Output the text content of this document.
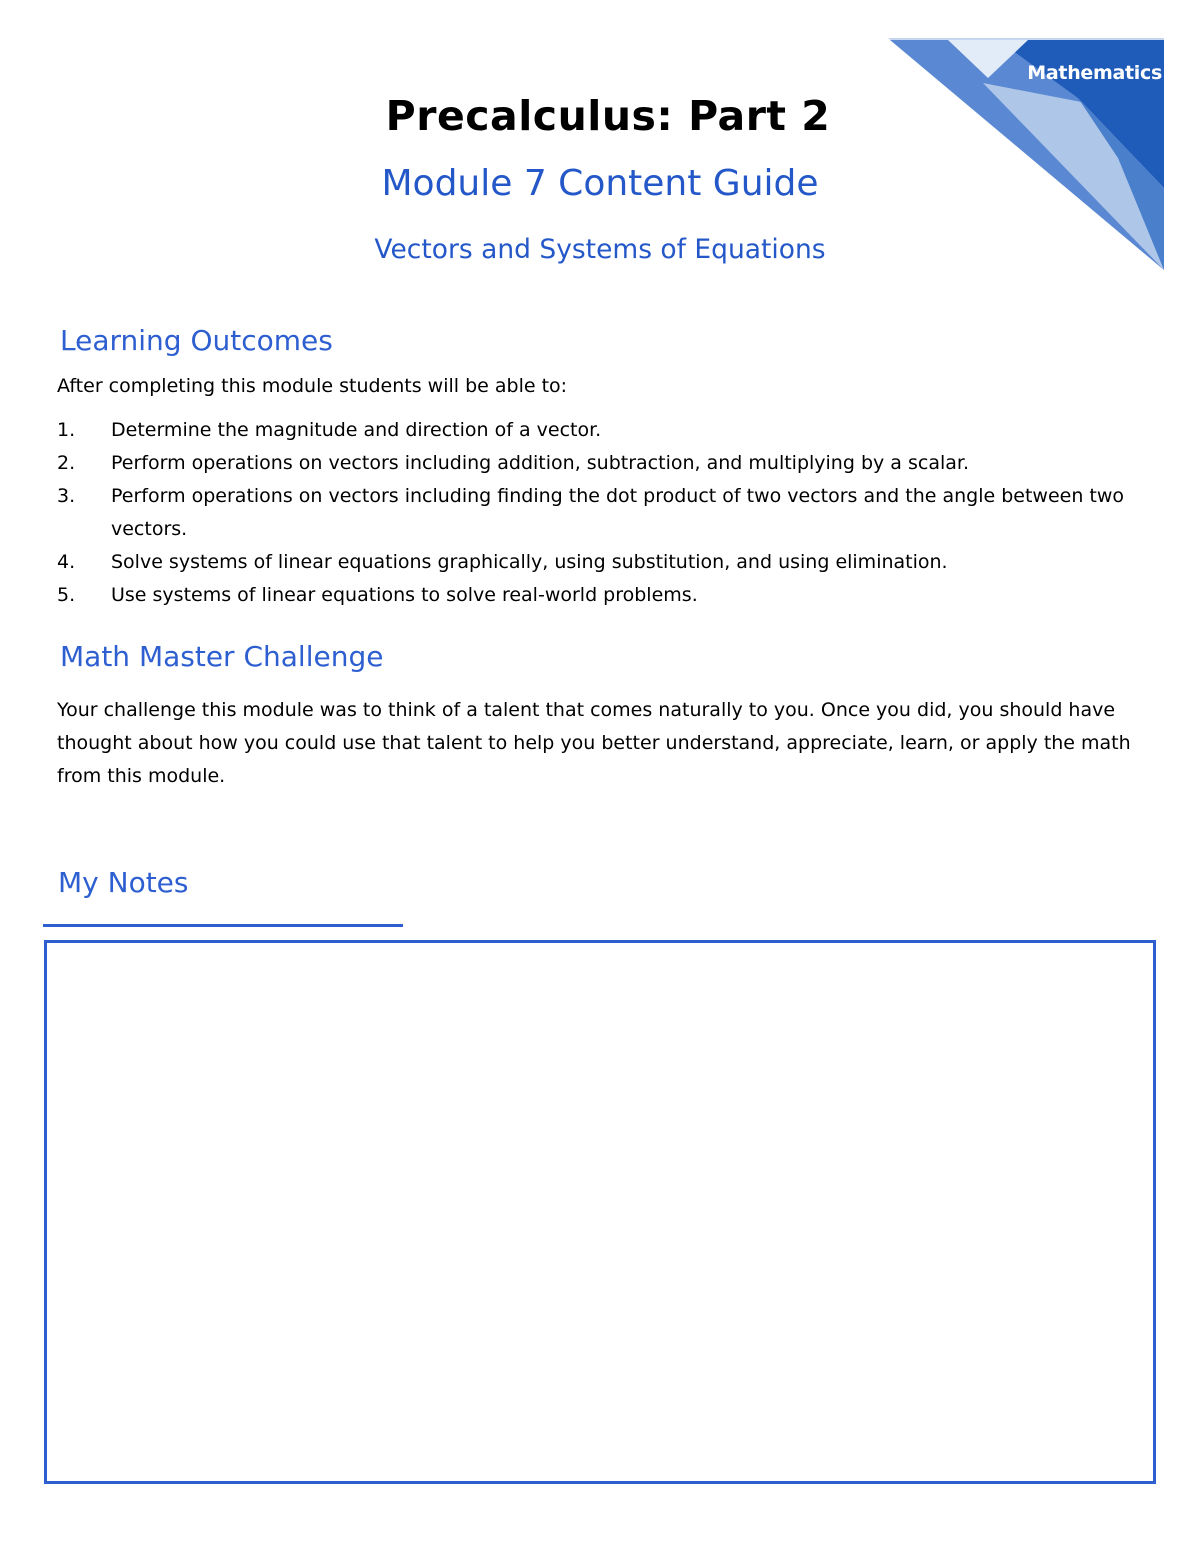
Mathematics
Precalculus: Part 2
Module 7 Content Guide
Vectors and Systems of Equations
Learning Outcomes
After completing this module students will be able to:
1.	Determine the magnitude and direction of a vector.
2.	Perform operations on vectors including addition, subtraction, and multiplying by a scalar.
3.	Perform operations on vectors including finding the dot product of two vectors and the angle between two vectors.
4.	Solve systems of linear equations graphically, using substitution, and using elimination.
5.	Use systems of linear equations to solve real-world problems.
Math Master Challenge
Your challenge this module was to think of a talent that comes naturally to you. Once you did, you should have thought about how you could use that talent to help you better understand, appreciate, learn, or apply the math from this module.
My Notes
